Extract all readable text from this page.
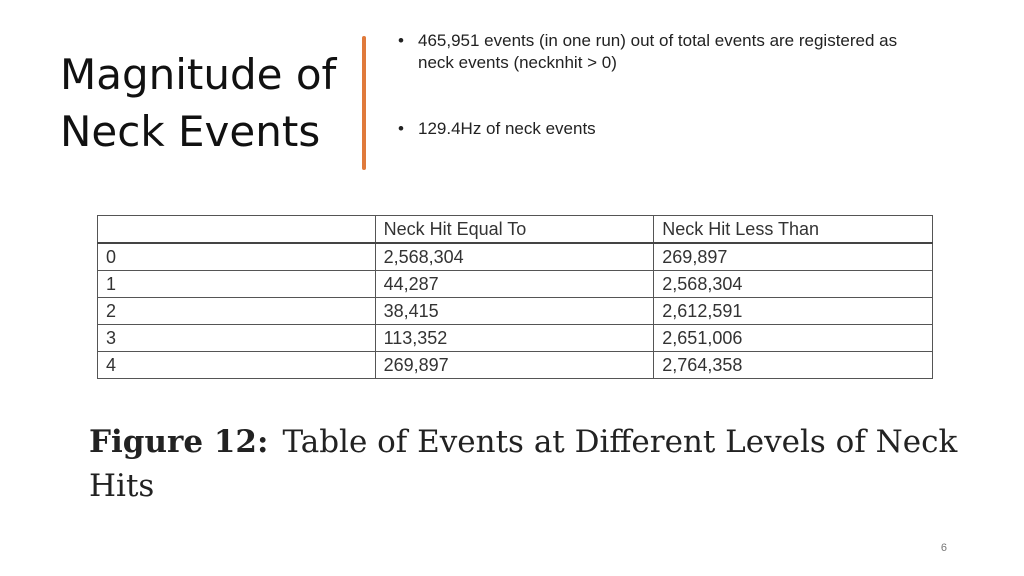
Magnitude of
Neck Events
• 465,951 events (in one run) out of total events are registered as neck events (necknhit > 0)
• 129.4Hz of neck events
	Neck Hit Equal To	Neck Hit Less Than
0	2,568,304	269,897
1	44,287	2,568,304
2	38,415	2,612,591
3	113,352	2,651,006
4	269,897	2,764,358
Figure 12: Table of Events at Different Levels of Neck Hits
6
